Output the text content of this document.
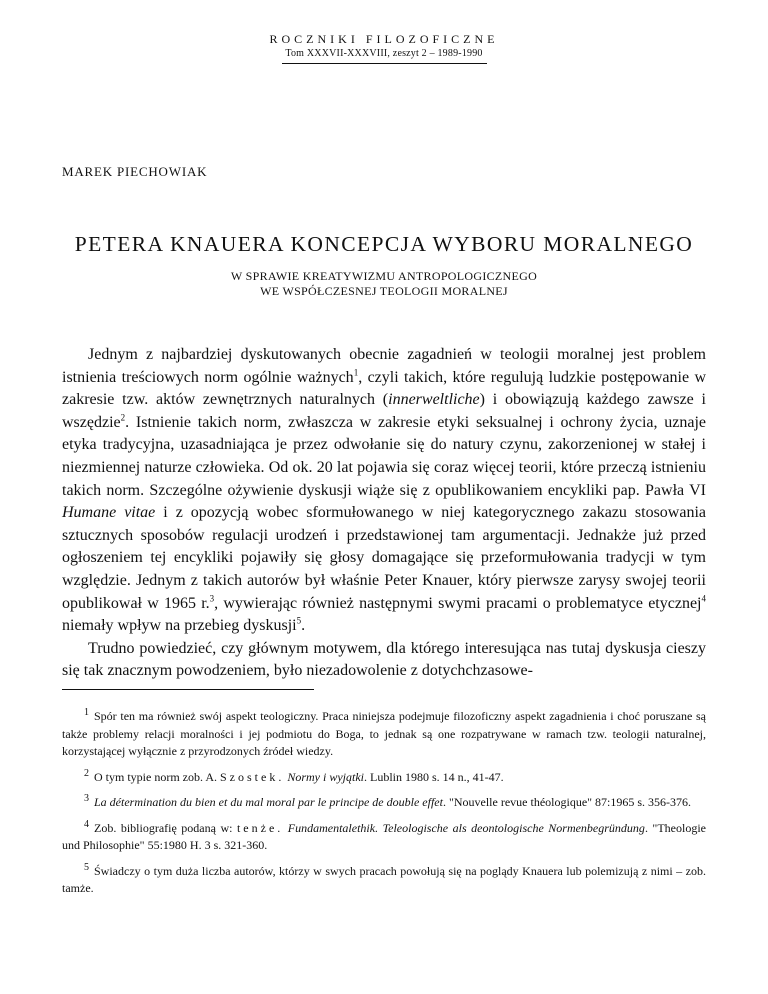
ROCZNIKI FILOZOFICZNE
Tom XXXVII-XXXVIII, zeszyt 2 – 1989-1990
MAREK PIECHOWIAK
PETERA KNAUERA KONCEPCJA WYBORU MORALNEGO
W SPRAWIE KREATYWIZMU ANTROPOLOGICZNEGO
WE WSPÓŁCZESNEJ TEOLOGII MORALNEJ

Jednym z najbardziej dyskutowanych obecnie zagadnień w teologii moralnej jest problem istnienia treściowych norm ogólnie ważnych$^1$, czyli takich, które regulują ludzkie postępowanie w zakresie tzw. aktów zewnętrznych naturalnych (innerweltliche) i obowiązują każdego zawsze i wszędzie$^2$. Istnienie takich norm, zwłaszcza w zakresie etyki seksualnej i ochrony życia, uznaje etyka tradycyjna, uzasadniająca je przez odwołanie się do natury czynu, zakorzenionej w stałej i niezmiennej naturze człowieka. Od ok. 20 lat pojawia się coraz więcej teorii, które przeczą istnieniu takich norm. Szczególne ożywienie dyskusji wiąże się z opublikowaniem encykliki pap. Pawła VI Humane vitae i z opozycją wobec sformułowanego w niej kategorycznego zakazu stosowania sztucznych sposobów regulacji urodzeń i przedstawionej tam argumentacji. Jednakże już przed ogłoszeniem tej encykliki pojawiły się głosy domagające się przeformułowania tradycji w tym względzie. Jednym z takich autorów był właśnie Peter Knauer, który pierwsze zarysy swojej teorii opublikował w 1965 r.$^3$, wywierając również następnymi swymi pracami o problematyce etycznej$^4$ niemały wpływ na przebieg dyskusji$^5$.

Trudno powiedzieć, czy głównym motywem, dla którego interesująca nas tutaj dyskusja cieszy się tak znacznym powodzeniem, było niezadowolenie z dotychchzasowe-

$^1$ Spór ten ma również swój aspekt teologiczny. Praca niniejsza podejmuje filozoficzny aspekt zagadnienia i choć poruszane są także problemy relacji moralności i jej podmiotu do Boga, to jednak są one rozpatrywane w ramach tzw. teologii naturalnej, korzystającej wyłącznie z przyrodzonych źródeł wiedzy.

$^2$ O tym typie norm zob. A. Szostek. Normy i wyjątki. Lublin 1980 s. 14 n., 41-47.

$^3$ La détermination du bien et du mal moral par le principe de double effet. "Nouvelle revue théologique" 87:1965 s. 356-376.

$^4$ Zob. bibliografię podaną w: tenże. Fundamentalethik. Teleologische als deontologische Normenbegründung. "Theologie und Philosophie" 55:1980 H. 3 s. 321-360.

$^5$ Świadczy o tym duża liczba autorów, którzy w swych pracach powołują się na poglądy Knauera lub polemizują z nimi – zob. tamże.
